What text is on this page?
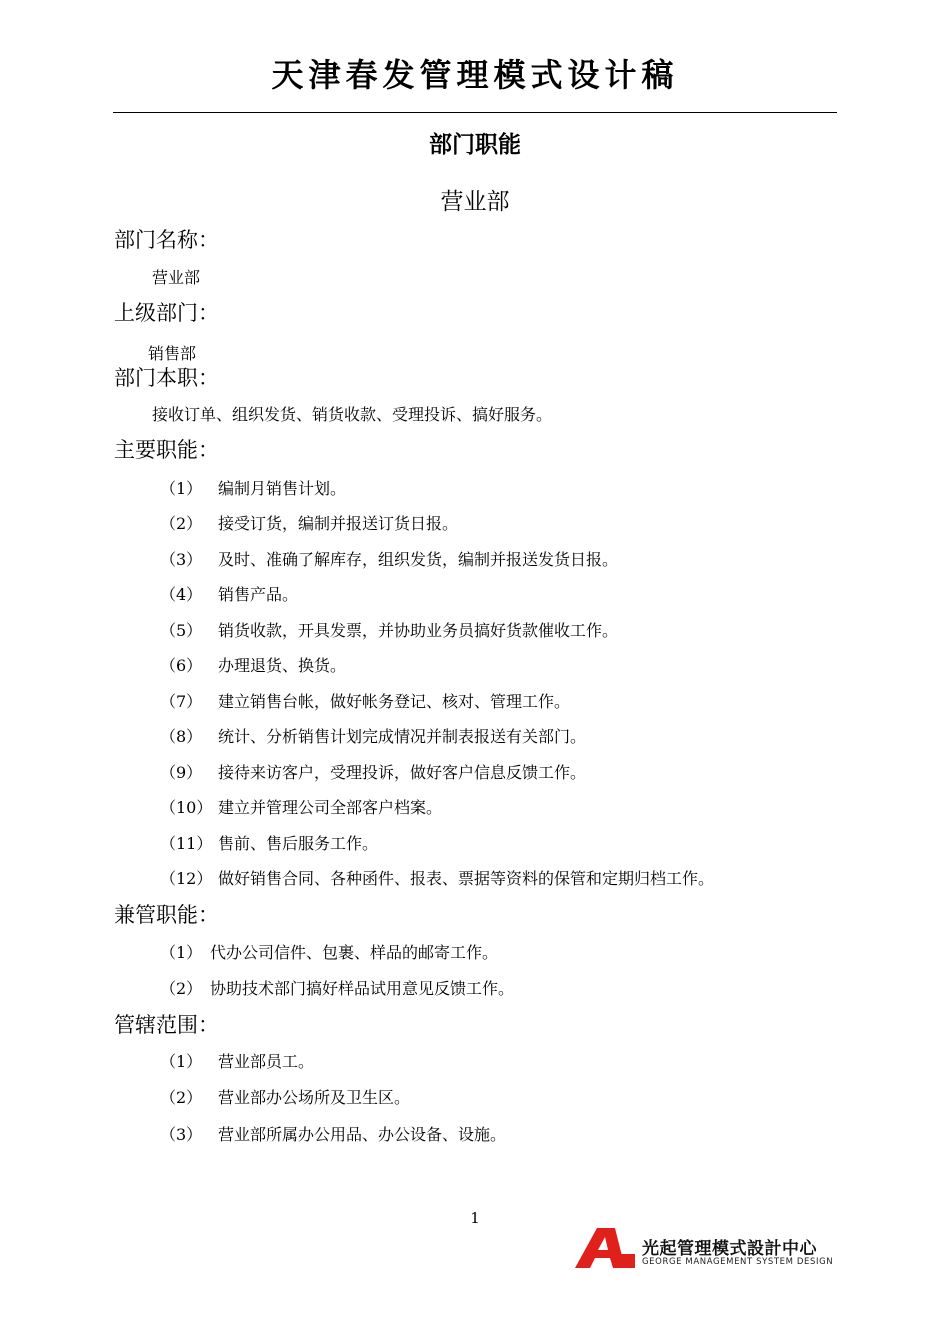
天津春发管理模式设计稿
部门职能
营业部
部门名称：
营业部
上级部门：
销售部
部门本职：
接收订单、组织发货、销货收款、受理投诉、搞好服务。
主要职能：
（1） 编制月销售计划。
（2） 接受订货，编制并报送订货日报。
（3） 及时、准确了解库存，组织发货，编制并报送发货日报。
（4） 销售产品。
（5） 销货收款，开具发票，并协助业务员搞好货款催收工作。
（6） 办理退货、换货。
（7） 建立销售台帐，做好帐务登记、核对、管理工作。
（8） 统计、分析销售计划完成情况并制表报送有关部门。
（9） 接待来访客户，受理投诉，做好客户信息反馈工作。
（10） 建立并管理公司全部客户档案。
（11） 售前、售后服务工作。
（12） 做好销售合同、各种函件、报表、票据等资料的保管和定期归档工作。
兼管职能：
（1） 代办公司信件、包裹、样品的邮寄工作。
（2） 协助技术部门搞好样品试用意见反馈工作。
管辖范围：
（1） 营业部员工。
（2） 营业部办公场所及卫生区。
（3） 营业部所属办公用品、办公设备、设施。
1
光起管理模式設計中心
GEORGE MANAGEMENT SYSTEM DESIGN
